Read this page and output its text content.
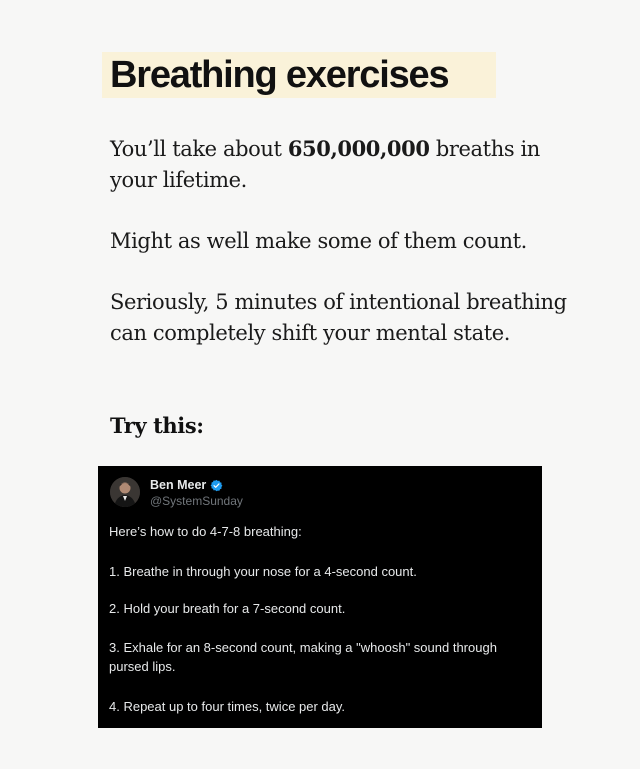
Breathing exercises

You’ll take about 650,000,000 breaths in your lifetime.

Might as well make some of them count.

Seriously, 5 minutes of intentional breathing can completely shift your mental state.

Try this:

Ben Meer
@SystemSunday
Here’s how to do 4-7-8 breathing:
1. Breathe in through your nose for a 4-second count.
2. Hold your breath for a 7-second count.
3. Exhale for an 8-second count, making a "whoosh" sound through pursed lips.
4. Repeat up to four times, twice per day.
